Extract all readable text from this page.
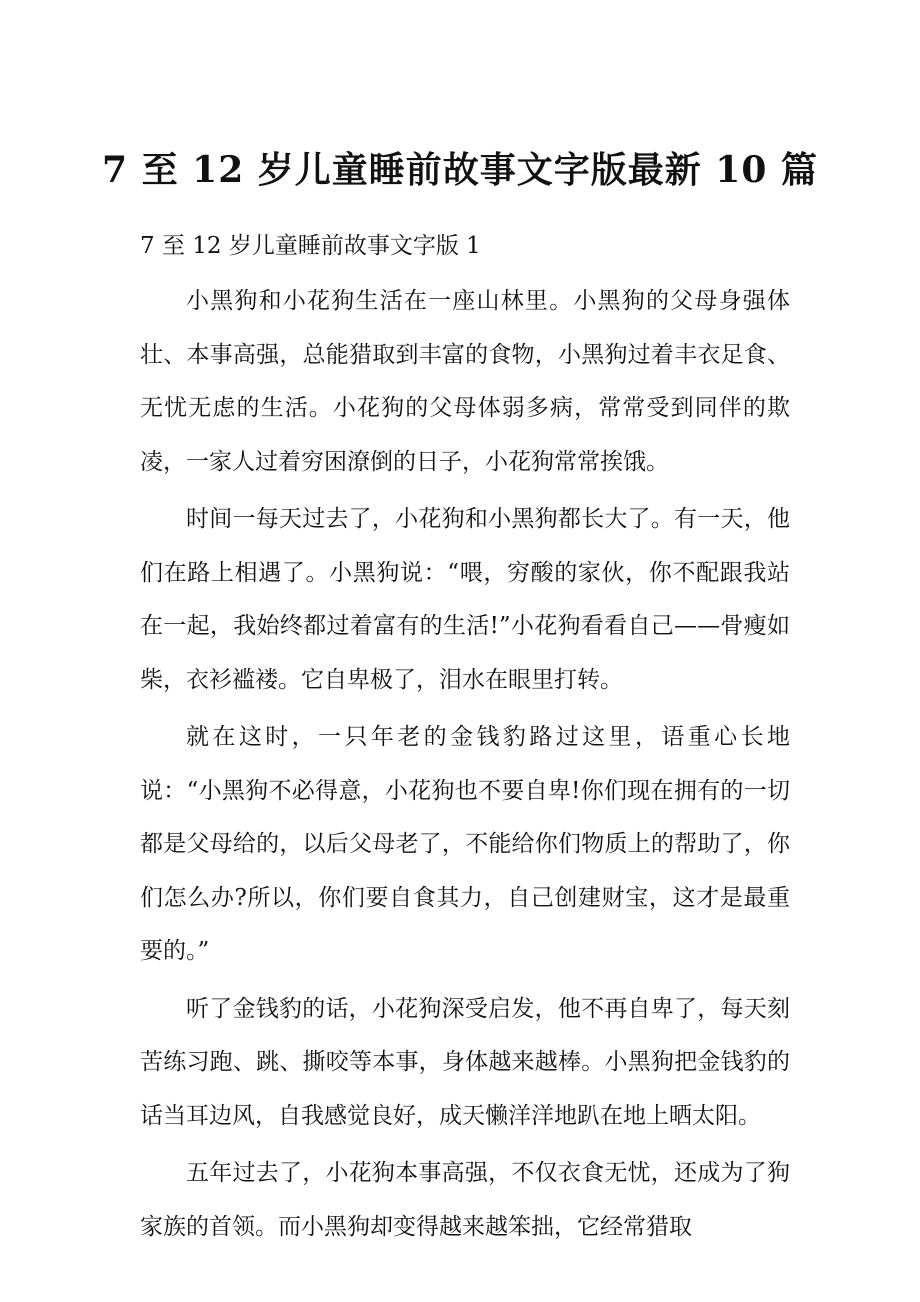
7 至 12 岁儿童睡前故事文字版最新 10 篇

7 至 12 岁儿童睡前故事文字版 1

小黑狗和小花狗生活在一座山林里。小黑狗的父母身强体壮、本事高强，总能猎取到丰富的食物，小黑狗过着丰衣足食、无忧无虑的生活。小花狗的父母体弱多病，常常受到同伴的欺凌，一家人过着穷困潦倒的日子，小花狗常常挨饿。

时间一每天过去了，小花狗和小黑狗都长大了。有一天，他们在路上相遇了。小黑狗说：“喂，穷酸的家伙，你不配跟我站在一起，我始终都过着富有的生活!”小花狗看看自己——骨瘦如柴，衣衫褴褛。它自卑极了，泪水在眼里打转。

就在这时，一只年老的金钱豹路过这里，语重心长地说：“小黑狗不必得意，小花狗也不要自卑!你们现在拥有的一切都是父母给的，以后父母老了，不能给你们物质上的帮助了，你们怎么办?所以，你们要自食其力，自己创建财宝，这才是最重要的。”

听了金钱豹的话，小花狗深受启发，他不再自卑了，每天刻苦练习跑、跳、撕咬等本事，身体越来越棒。小黑狗把金钱豹的话当耳边风，自我感觉良好，成天懒洋洋地趴在地上晒太阳。

五年过去了，小花狗本事高强，不仅衣食无忧，还成为了狗家族的首领。而小黑狗却变得越来越笨拙，它经常猎取
